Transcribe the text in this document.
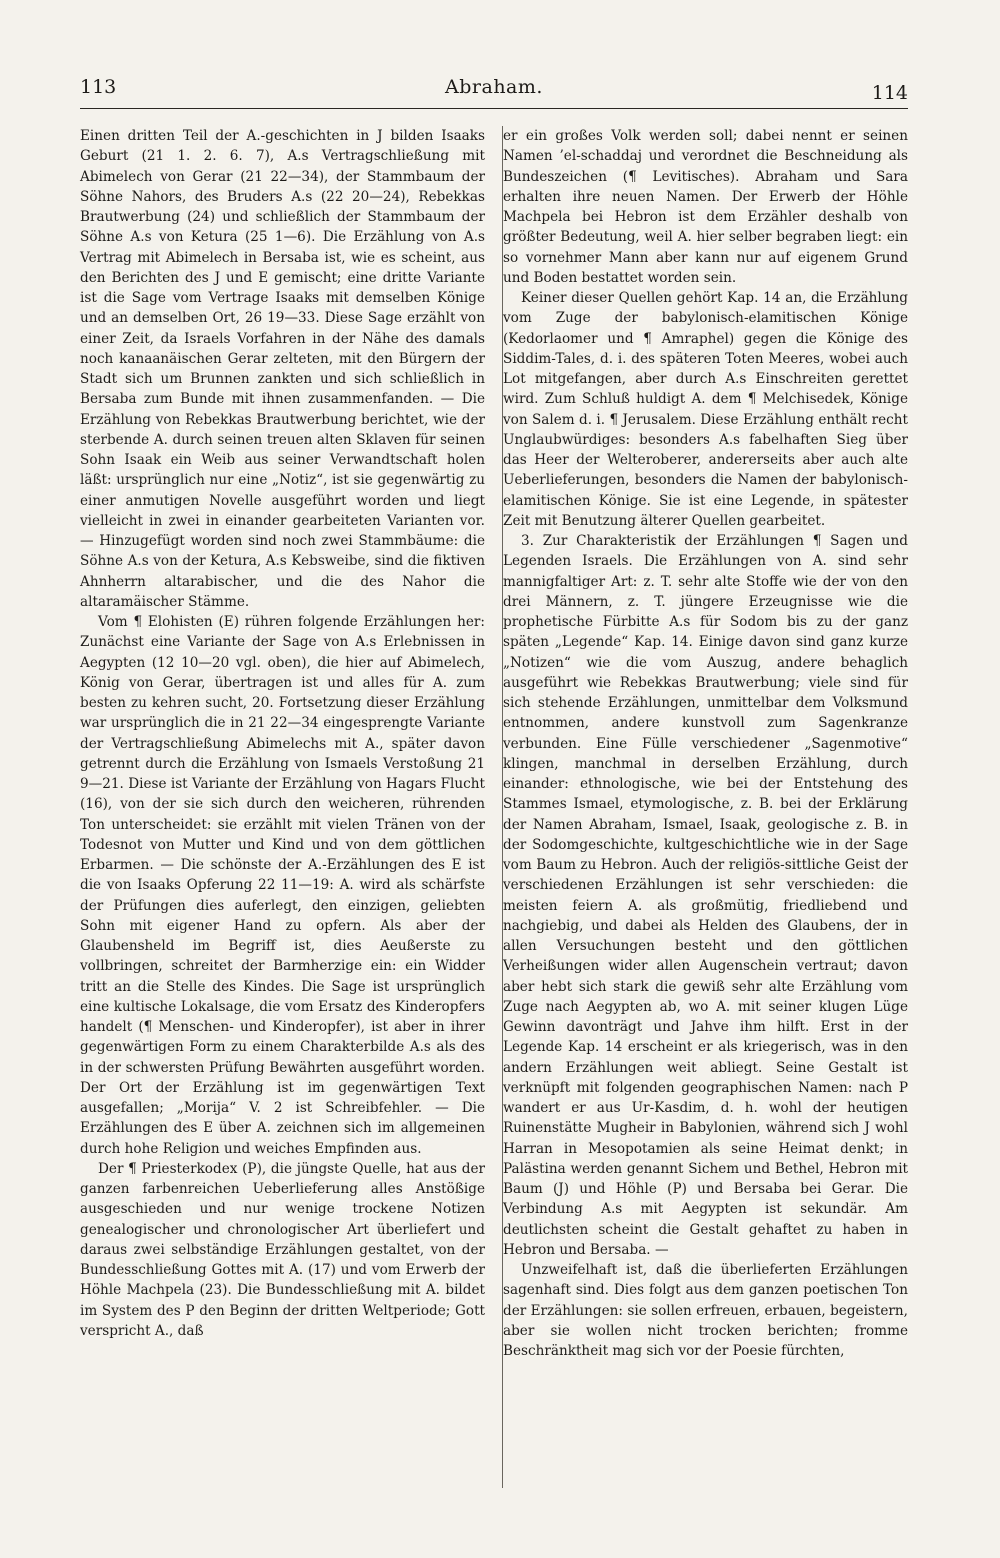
113	Abraham.	114

Einen dritten Teil der A.-geschichten in J bilden Isaaks Geburt (21 1. 2. 6. 7), A.s Vertragschließung mit Abimelech von Gerar (21 22—34), der Stammbaum der Söhne Nahors, des Bruders A.s (22 20—24), Rebekkas Brautwerbung (24) und schließlich der Stammbaum der Söhne A.s von Ketura (25 1—6). Die Erzählung von A.s Vertrag mit Abimelech in Bersaba ist, wie es scheint, aus den Berichten des J und E gemischt; eine dritte Variante ist die Sage vom Vertrage Isaaks mit demselben Könige und an demselben Ort, 26 19—33. Diese Sage erzählt von einer Zeit, da Israels Vorfahren in der Nähe des damals noch kanaanäischen Gerar zelteten, mit den Bürgern der Stadt sich um Brunnen zankten und sich schließlich in Bersaba zum Bunde mit ihnen zusammenfanden. — Die Erzählung von Rebekkas Brautwerbung berichtet, wie der sterbende A. durch seinen treuen alten Sklaven für seinen Sohn Isaak ein Weib aus seiner Verwandtschaft holen läßt: ursprünglich nur eine „Notiz“, ist sie gegenwärtig zu einer anmutigen Novelle ausgeführt worden und liegt vielleicht in zwei in einander gearbeiteten Varianten vor. — Hinzugefügt worden sind noch zwei Stammbäume: die Söhne A.s von der Ketura, A.s Kebsweibe, sind die fiktiven Ahnherrn altarabischer, und die des Nahor die altaramäischer Stämme.

Vom ¶ Elohisten (E) rühren folgende Erzählungen her: Zunächst eine Variante der Sage von A.s Erlebnissen in Aegypten (12 10—20 vgl. oben), die hier auf Abimelech, König von Gerar, übertragen ist und alles für A. zum besten zu kehren sucht, 20. Fortsetzung dieser Erzählung war ursprünglich die in 21 22—34 eingesprengte Variante der Vertragschließung Abimelechs mit A., später davon getrennt durch die Erzählung von Ismaels Verstoßung 21 9—21. Diese ist Variante der Erzählung von Hagars Flucht (16), von der sie sich durch den weicheren, rührenden Ton unterscheidet: sie erzählt mit vielen Tränen von der Todesnot von Mutter und Kind und von dem göttlichen Erbarmen. — Die schönste der A.-Erzählungen des E ist die von Isaaks Opferung 22 11—19: A. wird als schärfste der Prüfungen dies auferlegt, den einzigen, geliebten Sohn mit eigener Hand zu opfern. Als aber der Glaubensheld im Begriff ist, dies Aeußerste zu vollbringen, schreitet der Barmherzige ein: ein Widder tritt an die Stelle des Kindes. Die Sage ist ursprünglich eine kultische Lokalsage, die vom Ersatz des Kinderopfers handelt (¶ Menschen- und Kinderopfer), ist aber in ihrer gegenwärtigen Form zu einem Charakterbilde A.s als des in der schwersten Prüfung Bewährten ausgeführt worden. Der Ort der Erzählung ist im gegenwärtigen Text ausgefallen; „Morija“ V. 2 ist Schreibfehler. — Die Erzählungen des E über A. zeichnen sich im allgemeinen durch hohe Religion und weiches Empfinden aus.

Der ¶ Priesterkodex (P), die jüngste Quelle, hat aus der ganzen farbenreichen Ueberlieferung alles Anstößige ausgeschieden und nur wenige trockene Notizen genealogischer und chronologischer Art überliefert und daraus zwei selbständige Erzählungen gestaltet, von der Bundesschließung Gottes mit A. (17) und vom Erwerb der Höhle Machpela (23). Die Bundesschließung mit A. bildet im System des P den Beginn der dritten Weltperiode; Gott verspricht A., daß

er ein großes Volk werden soll; dabei nennt er seinen Namen ’el-schaddaj und verordnet die Beschneidung als Bundeszeichen (¶ Levitisches). Abraham und Sara erhalten ihre neuen Namen. Der Erwerb der Höhle Machpela bei Hebron ist dem Erzähler deshalb von größter Bedeutung, weil A. hier selber begraben liegt: ein so vornehmer Mann aber kann nur auf eigenem Grund und Boden bestattet worden sein.

Keiner dieser Quellen gehört Kap. 14 an, die Erzählung vom Zuge der babylonisch-elamitischen Könige (Kedorlaomer und ¶ Amraphel) gegen die Könige des Siddim-Tales, d. i. des späteren Toten Meeres, wobei auch Lot mitgefangen, aber durch A.s Einschreiten gerettet wird. Zum Schluß huldigt A. dem ¶ Melchisedek, Könige von Salem d. i. ¶ Jerusalem. Diese Erzählung enthält recht Unglaubwürdiges: besonders A.s fabelhaften Sieg über das Heer der Welteroberer, andererseits aber auch alte Ueberlieferungen, besonders die Namen der babylonisch-elamitischen Könige. Sie ist eine Legende, in spätester Zeit mit Benutzung älterer Quellen gearbeitet.

3. Zur Charakteristik der Erzählungen ¶ Sagen und Legenden Israels. Die Erzählungen von A. sind sehr mannigfaltiger Art: z. T. sehr alte Stoffe wie der von den drei Männern, z. T. jüngere Erzeugnisse wie die prophetische Fürbitte A.s für Sodom bis zu der ganz späten „Legende“ Kap. 14. Einige davon sind ganz kurze „Notizen“ wie die vom Auszug, andere behaglich ausgeführt wie Rebekkas Brautwerbung; viele sind für sich stehende Erzählungen, unmittelbar dem Volksmund entnommen, andere kunstvoll zum Sagenkranze verbunden. Eine Fülle verschiedener „Sagenmotive“ klingen, manchmal in derselben Erzählung, durch einander: ethnologische, wie bei der Entstehung des Stammes Ismael, etymologische, z. B. bei der Erklärung der Namen Abraham, Ismael, Isaak, geologische z. B. in der Sodomgeschichte, kultgeschichtliche wie in der Sage vom Baum zu Hebron. Auch der religiös-sittliche Geist der verschiedenen Erzählungen ist sehr verschieden: die meisten feiern A. als großmütig, friedliebend und nachgiebig, und dabei als Helden des Glaubens, der in allen Versuchungen besteht und den göttlichen Verheißungen wider allen Augenschein vertraut; davon aber hebt sich stark die gewiß sehr alte Erzählung vom Zuge nach Aegypten ab, wo A. mit seiner klugen Lüge Gewinn davonträgt und Jahve ihm hilft. Erst in der Legende Kap. 14 erscheint er als kriegerisch, was in den andern Erzählungen weit abliegt. Seine Gestalt ist verknüpft mit folgenden geographischen Namen: nach P wandert er aus Ur-Kasdim, d. h. wohl der heutigen Ruinenstätte Mugheir in Babylonien, während sich J wohl Harran in Mesopotamien als seine Heimat denkt; in Palästina werden genannt Sichem und Bethel, Hebron mit Baum (J) und Höhle (P) und Bersaba bei Gerar. Die Verbindung A.s mit Aegypten ist sekundär. Am deutlichsten scheint die Gestalt gehaftet zu haben in Hebron und Bersaba. —

Unzweifelhaft ist, daß die überlieferten Erzählungen sagenhaft sind. Dies folgt aus dem ganzen poetischen Ton der Erzählungen: sie sollen erfreuen, erbauen, begeistern, aber sie wollen nicht trocken berichten; fromme Beschränktheit mag sich vor der Poesie fürchten,
